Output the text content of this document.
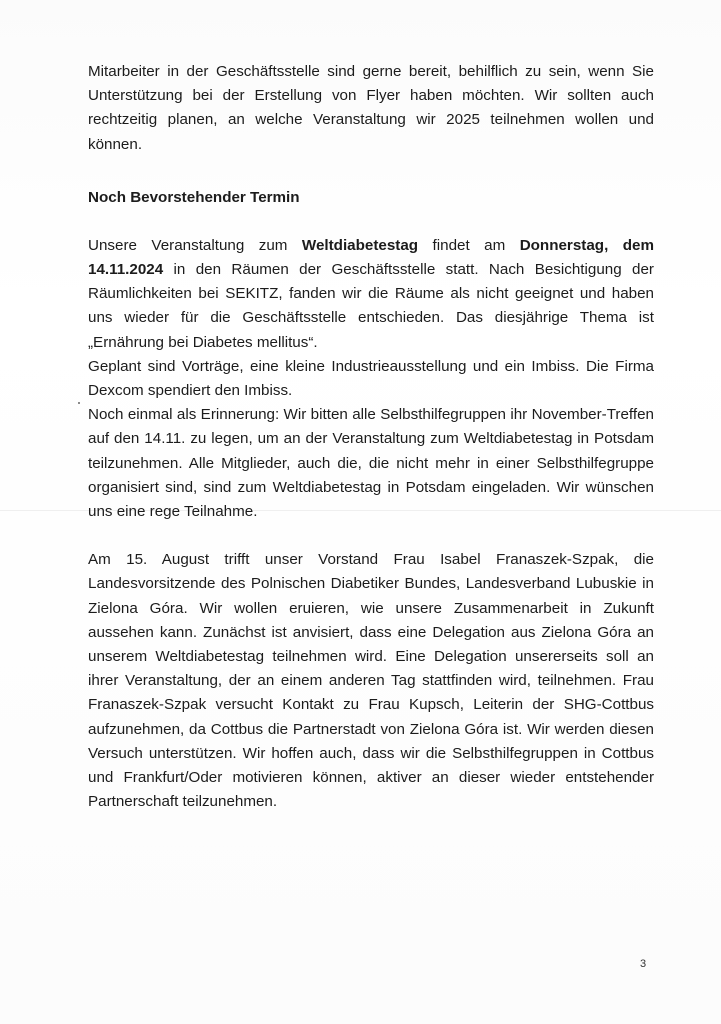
Mitarbeiter in der Geschäftsstelle sind gerne bereit, behilflich zu sein, wenn Sie Unterstützung bei der Erstellung von Flyer haben möchten. Wir sollten auch rechtzeitig planen, an welche Veranstaltung wir 2025 teilnehmen wollen und können.

Noch Bevorstehender Termin

Unsere Veranstaltung zum Weltdiabetestag findet am Donnerstag, dem 14.11.2024 in den Räumen der Geschäftsstelle statt. Nach Besichtigung der Räumlichkeiten bei SEKITZ, fanden wir die Räume als nicht geeignet und haben uns wieder für die Geschäftsstelle entschieden. Das diesjährige Thema ist „Ernährung bei Diabetes mellitus“.

Geplant sind Vorträge, eine kleine Industrieausstellung und ein Imbiss. Die Firma Dexcom spendiert den Imbiss.

Noch einmal als Erinnerung: Wir bitten alle Selbsthilfegruppen ihr November-Treffen auf den 14.11. zu legen, um an der Veranstaltung zum Weltdiabetestag in Potsdam teilzunehmen. Alle Mitglieder, auch die, die nicht mehr in einer Selbsthilfegruppe organisiert sind, sind zum Weltdiabetestag in Potsdam eingeladen. Wir wünschen uns eine rege Teilnahme.

Am 15. August trifft unser Vorstand Frau Isabel Franaszek-Szpak, die Landesvorsitzende des Polnischen Diabetiker Bundes, Landesverband Lubuskie in Zielona Góra. Wir wollen eruieren, wie unsere Zusammenarbeit in Zukunft aussehen kann. Zunächst ist anvisiert, dass eine Delegation aus Zielona Góra an unserem Weltdiabetestag teilnehmen wird. Eine Delegation unsererseits soll an ihrer Veranstaltung, der an einem anderen Tag stattfinden wird, teilnehmen. Frau Franaszek-Szpak versucht Kontakt zu Frau Kupsch, Leiterin der SHG-Cottbus aufzunehmen, da Cottbus die Partnerstadt von Zielona Góra ist. Wir werden diesen Versuch unterstützen. Wir hoffen auch, dass wir die Selbsthilfegruppen in Cottbus und Frankfurt/Oder motivieren können, aktiver an dieser wieder entstehender Partnerschaft teilzunehmen.

3
